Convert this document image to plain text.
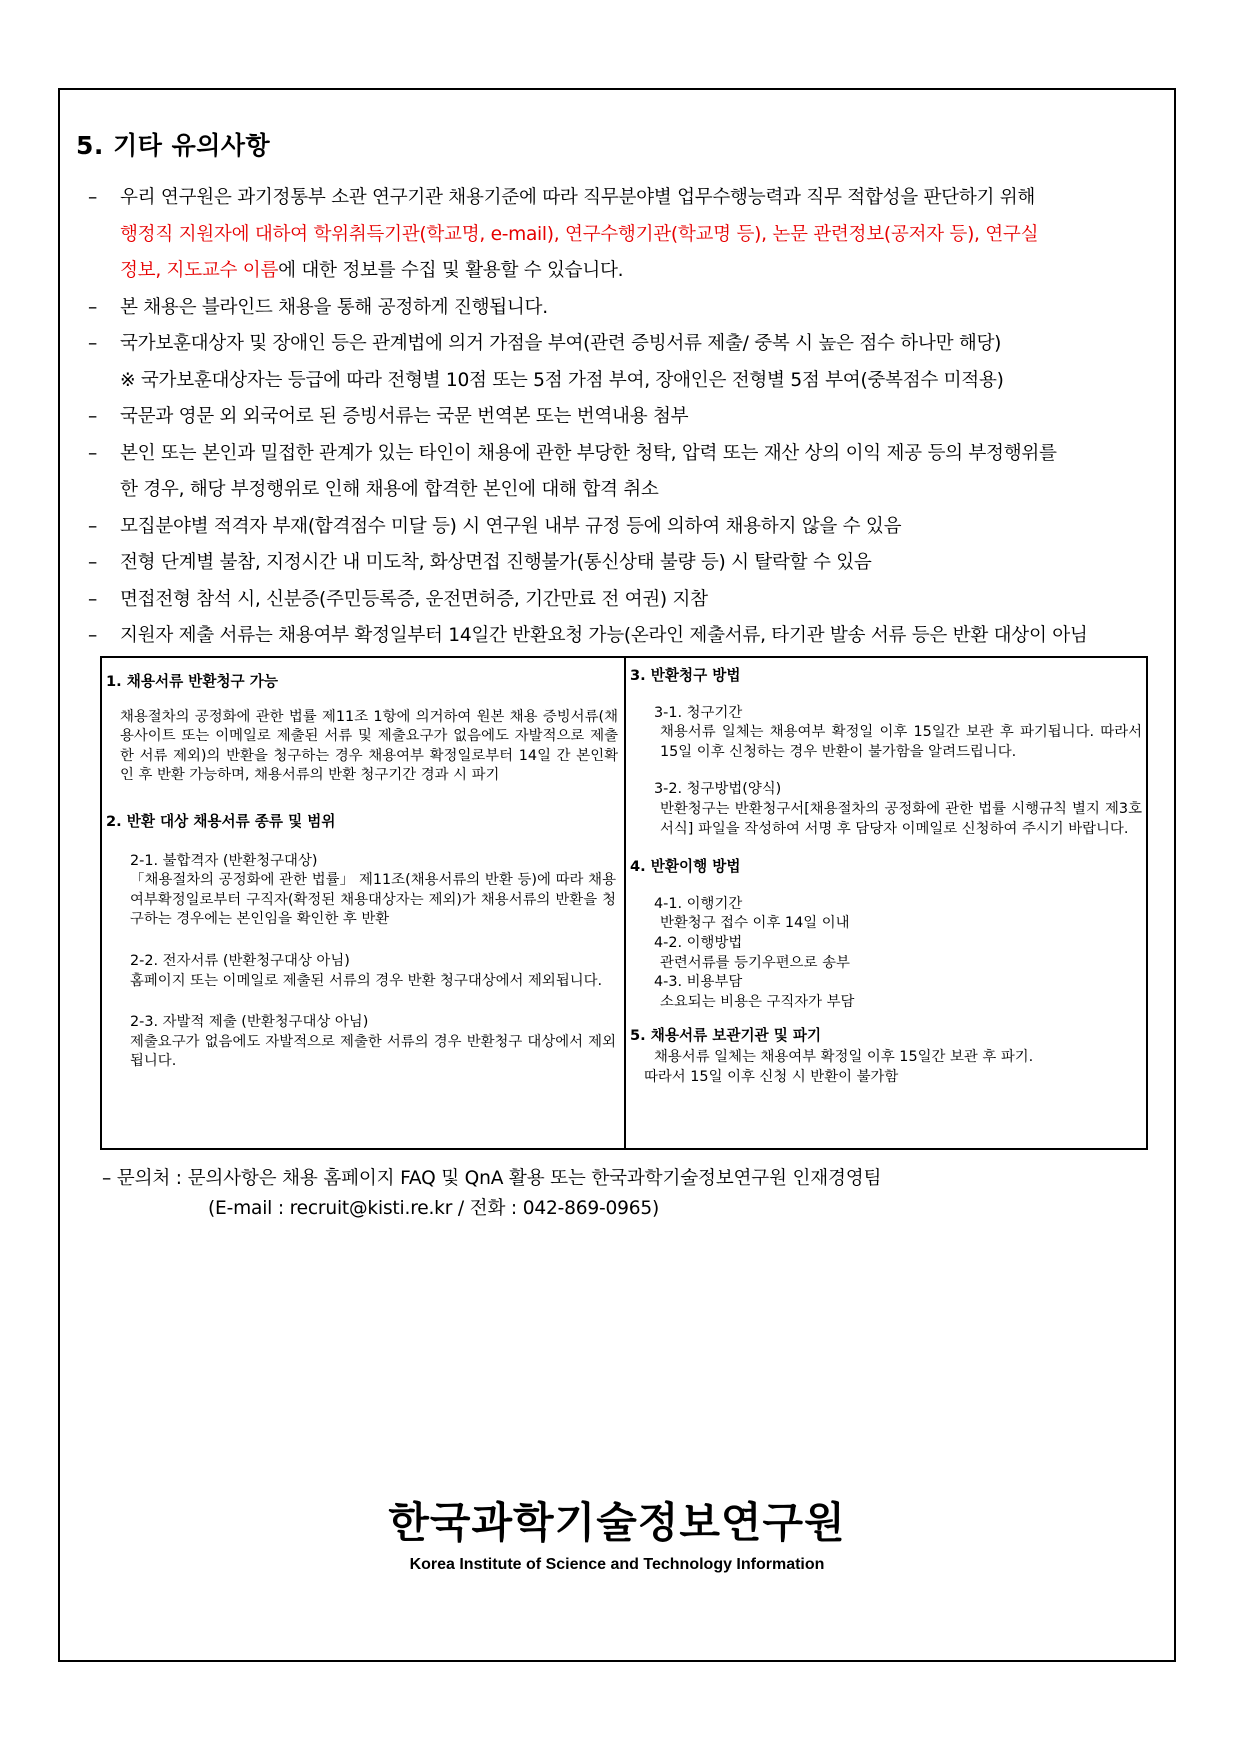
5. 기타 유의사항
– 우리 연구원은 과기정통부 소관 연구기관 채용기준에 따라 직무분야별 업무수행능력과 직무 적합성을 판단하기 위해
행정직 지원자에 대하여 학위취득기관(학교명, e-mail), 연구수행기관(학교명 등), 논문 관련정보(공저자 등), 연구실
정보, 지도교수 이름에 대한 정보를 수집 및 활용할 수 있습니다.
– 본 채용은 블라인드 채용을 통해 공정하게 진행됩니다.
– 국가보훈대상자 및 장애인 등은 관계법에 의거 가점을 부여(관련 증빙서류 제출/ 중복 시 높은 점수 하나만 해당)
※ 국가보훈대상자는 등급에 따라 전형별 10점 또는 5점 가점 부여, 장애인은 전형별 5점 부여(중복점수 미적용)
– 국문과 영문 외 외국어로 된 증빙서류는 국문 번역본 또는 번역내용 첨부
– 본인 또는 본인과 밀접한 관계가 있는 타인이 채용에 관한 부당한 청탁, 압력 또는 재산 상의 이익 제공 등의 부정행위를
한 경우, 해당 부정행위로 인해 채용에 합격한 본인에 대해 합격 취소
– 모집분야별 적격자 부재(합격점수 미달 등) 시 연구원 내부 규정 등에 의하여 채용하지 않을 수 있음
– 전형 단계별 불참, 지정시간 내 미도착, 화상면접 진행불가(통신상태 불량 등) 시 탈락할 수 있음
– 면접전형 참석 시, 신분증(주민등록증, 운전면허증, 기간만료 전 여권) 지참
– 지원자 제출 서류는 채용여부 확정일부터 14일간 반환요청 가능(온라인 제출서류, 타기관 발송 서류 등은 반환 대상이 아님
1. 채용서류 반환청구 가능

채용절차의 공정화에 관한 법률 제11조 1항에 의거하여 원본 채용 증빙서류(채용사이트 또는 이메일로 제출된 서류 및 제출요구가 없음에도 자발적으로 제출한 서류 제외)의 반환을 청구하는 경우 채용여부 확정일로부터 14일 간 본인확인 후 반환 가능하며, 채용서류의 반환 청구기간 경과 시 파기

2. 반환 대상 채용서류 종류 및 범위

2-1. 불합격자 (반환청구대상)

「채용절차의 공정화에 관한 법률」 제11조(채용서류의 반환 등)에 따라 채용여부확정일로부터 구직자(확정된 채용대상자는 제외)가 채용서류의 반환을 청구하는 경우에는 본인임을 확인한 후 반환

2-2. 전자서류 (반환청구대상 아님)

홈페이지 또는 이메일로 제출된 서류의 경우 반환 청구대상에서 제외됩니다.

2-3. 자발적 제출 (반환청구대상 아님)

제출요구가 없음에도 자발적으로 제출한 서류의 경우 반환청구 대상에서 제외됩니다.

3. 반환청구 방법

3-1. 청구기간

채용서류 일체는 채용여부 확정일 이후 15일간 보관 후 파기됩니다. 따라서 15일 이후 신청하는 경우 반환이 불가함을 알려드립니다.

3-2. 청구방법(양식)

반환청구는 반환청구서[채용절차의 공정화에 관한 법률 시행규칙 별지 제3호 서식] 파일을 작성하여 서명 후 담당자 이메일로 신청하여 주시기 바랍니다.

4. 반환이행 방법

4-1. 이행기간

반환청구 접수 이후 14일 이내

4-2. 이행방법

관련서류를 등기우편으로 송부

4-3. 비용부담

소요되는 비용은 구직자가 부담

5. 채용서류 보관기관 및 파기

채용서류 일체는 채용여부 확정일 이후 15일간 보관 후 파기.

따라서 15일 이후 신청 시 반환이 불가함

– 문의처 : 문의사항은 채용 홈페이지 FAQ 및 QnA 활용 또는 한국과학기술정보연구원 인재경영팀
(E-mail : recruit@kisti.re.kr / 전화 : 042-869-0965)
한국과학기술정보연구원

Korea Institute of Science and Technology Information
